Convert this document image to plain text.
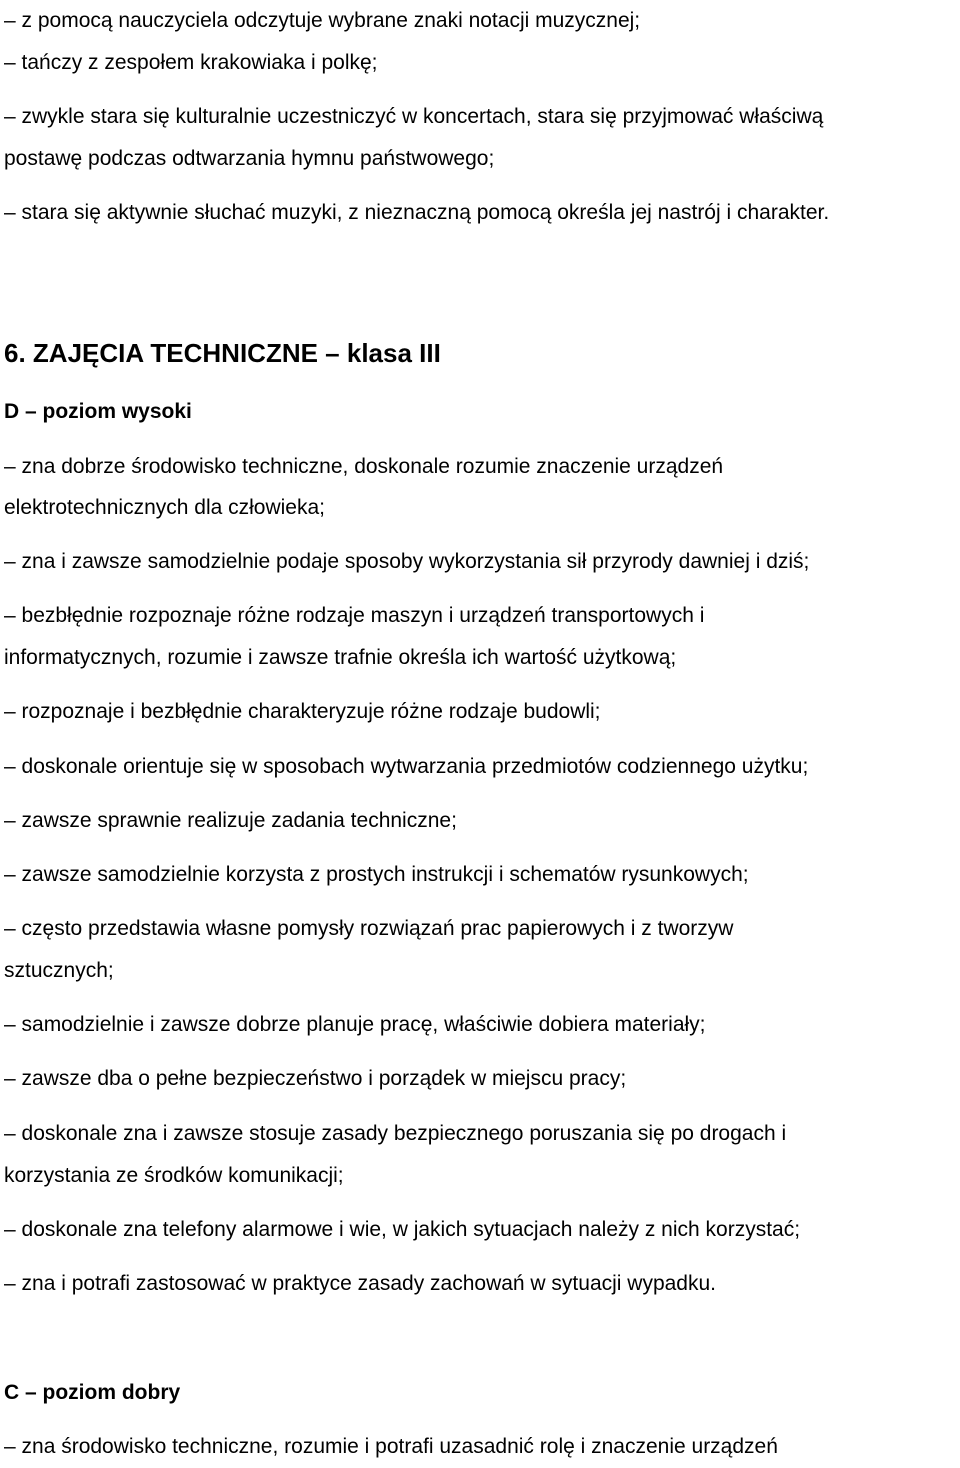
– z pomocą nauczyciela odczytuje wybrane znaki notacji muzycznej;

– tańczy z zespołem krakowiaka i polkę;

– zwykle stara się kulturalnie uczestniczyć w koncertach, stara się przyjmować właściwą

postawę podczas odtwarzania hymnu państwowego;

– stara się aktywnie słuchać muzyki, z nieznaczną pomocą określa jej nastrój i charakter.

6. ZAJĘCIA TECHNICZNE – klasa III

D – poziom wysoki

– zna dobrze środowisko techniczne, doskonale rozumie znaczenie urządzeń

elektrotechnicznych dla człowieka;

– zna i zawsze samodzielnie podaje sposoby wykorzystania sił przyrody dawniej i dziś;

– bezbłędnie rozpoznaje różne rodzaje maszyn i urządzeń transportowych i

informatycznych, rozumie i zawsze trafnie określa ich wartość użytkową;

– rozpoznaje i bezbłędnie charakteryzuje różne rodzaje budowli;

– doskonale orientuje się w sposobach wytwarzania przedmiotów codziennego użytku;

– zawsze sprawnie realizuje zadania techniczne;

– zawsze samodzielnie korzysta z prostych instrukcji i schematów rysunkowych;

– często przedstawia własne pomysły rozwiązań prac papierowych i z tworzyw

sztucznych;

– samodzielnie i zawsze dobrze planuje pracę, właściwie dobiera materiały;

– zawsze dba o pełne bezpieczeństwo i porządek w miejscu pracy;

– doskonale zna i zawsze stosuje zasady bezpiecznego poruszania się po drogach i

korzystania ze środków komunikacji;

– doskonale zna telefony alarmowe i wie, w jakich sytuacjach należy z nich korzystać;

– zna i potrafi zastosować w praktyce zasady zachowań w sytuacji wypadku.

C – poziom dobry

– zna środowisko techniczne, rozumie i potrafi uzasadnić rolę i znaczenie urządzeń
